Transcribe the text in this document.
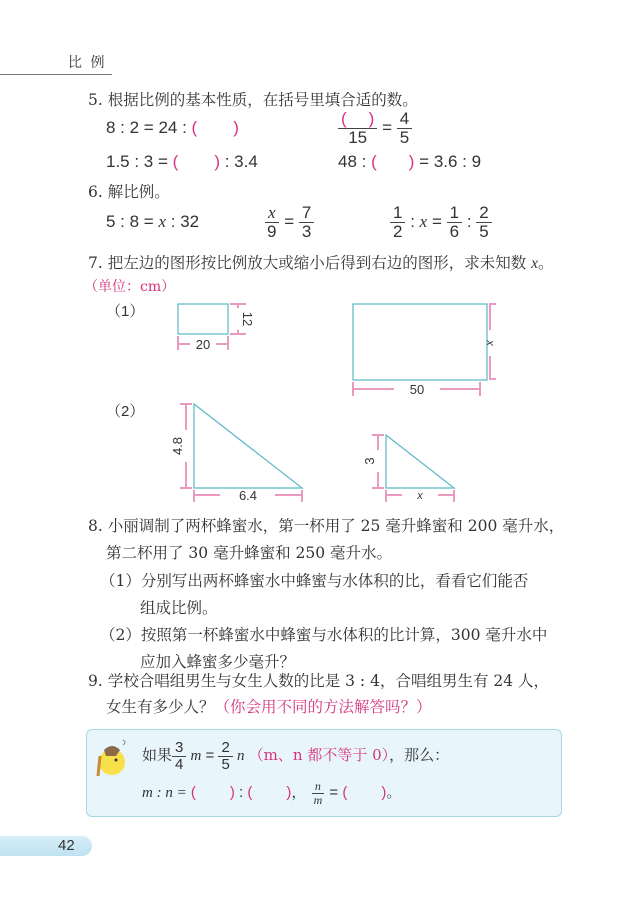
比 例
5. 根据比例的基本性质，在括号里填合适的数。
8 : 2 = 24 : ( )	$\frac{( )}{15} = \frac{4}{5}$
1.5 : 3 = ( ) : 3.4	48 : ( ) = 3.6 : 9
6. 解比例。
5 : 8 = x : 32	$\frac{x}{9} = \frac{7}{3}$	$\frac{1}{2}$ : $x = \frac{1}{6}$ : $\frac{2}{5}$
7. 把左边的图形按比例放大或缩小后得到右边的图形，求未知数 x。
（单位：cm）
（1）
（2）
20
12
50
x
4.8
6.4
3
x
8. 小丽调制了两杯蜂蜜水，第一杯用了 25 毫升蜂蜜和 200 毫升水，
第二杯用了 30 毫升蜂蜜和 250 毫升水。
（1）分别写出两杯蜂蜜水中蜂蜜与水体积的比，看看它们能否
组成比例。
（2）按照第一杯蜂蜜水中蜂蜜与水体积的比计算，300 毫升水中
应加入蜂蜜多少毫升？
9. 学校合唱组男生与女生人数的比是 3 : 4，合唱组男生有 24 人，
女生有多少人？（你会用不同的方法解答吗？）
如果 $\frac{3}{4}$ $m = \frac{2}{5}$ n （m、n 都不等于 0），那么：
m : n = ( ) : ( )， $\frac{n}{m}$ = ( )。
42
